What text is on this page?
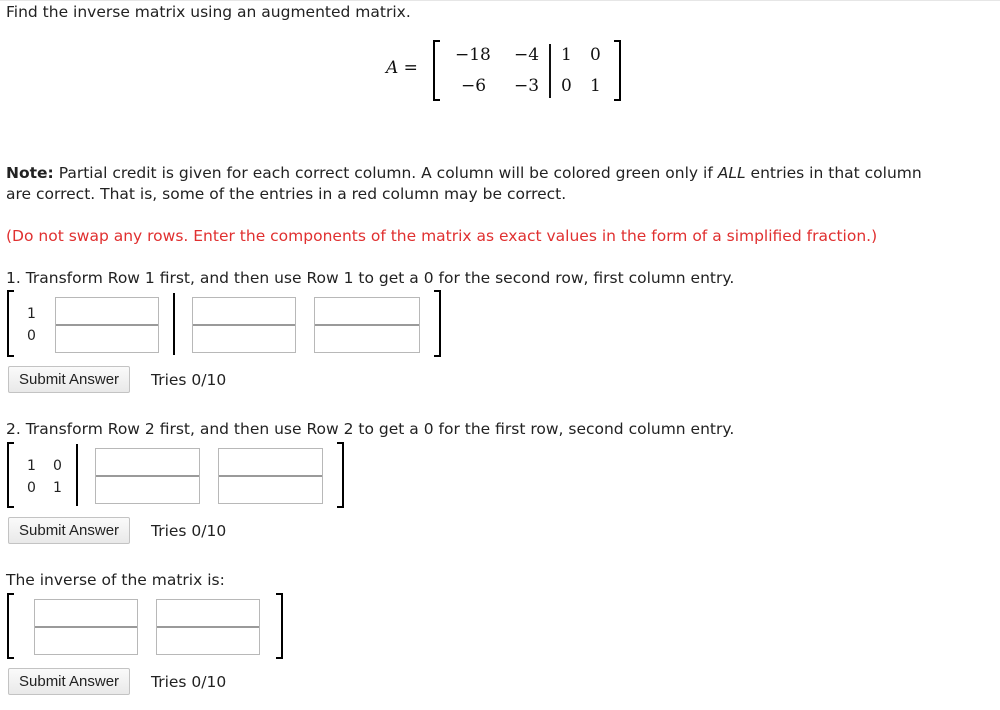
Find the inverse matrix using an augmented matrix.
A =
−18 −4 1 0
−6 −3 0 1
Note: Partial credit is given for each correct column. A column will be colored green only if ALL entries in that column
are correct. That is, some of the entries in a red column may be correct.
(Do not swap any rows. Enter the components of the matrix as exact values in the form of a simplified fraction.)
1. Transform Row 1 first, and then use Row 1 to get a 0 for the second row, first column entry.
1
0
Submit Answer	Tries 0/10
2. Transform Row 2 first, and then use Row 2 to get a 0 for the first row, second column entry.
1 0
0 1
Submit Answer	Tries 0/10
The inverse of the matrix is:
Submit Answer	Tries 0/10
